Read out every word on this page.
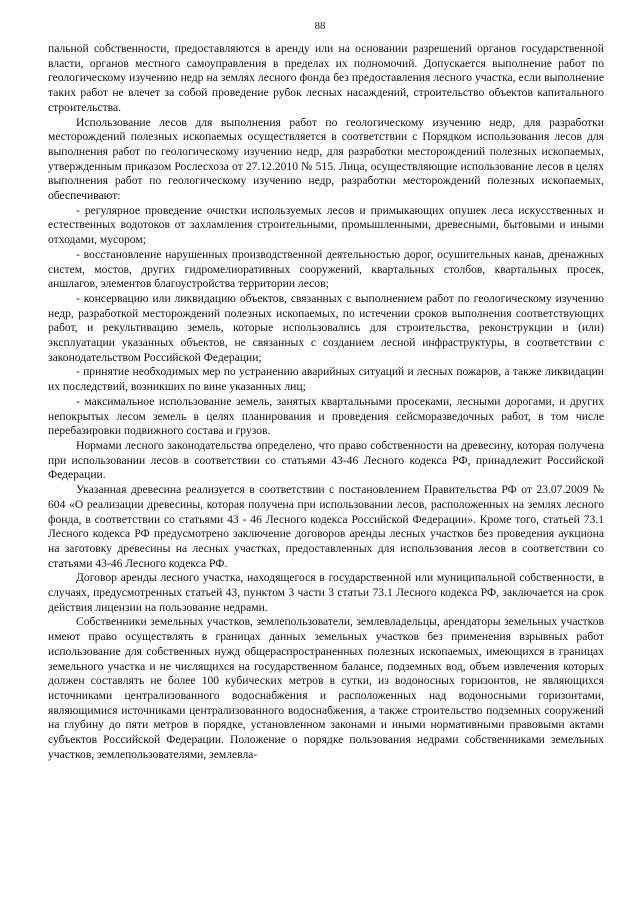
88

пальной собственности, предоставляются в аренду или на основании разрешений органов государственной власти, органов местного самоуправления в пределах их полномочий. Допускается выполнение работ по геологическому изучению недр на землях лесного фонда без предоставления лесного участка, если выполнение таких работ не влечет за собой проведение рубок лесных насаждений, строительство объектов капитального строительства.

Использование лесов для выполнения работ по геологическому изучению недр, для разработки месторождений полезных ископаемых осуществляется в соответствии с Порядком использования лесов для выполнения работ по геологическому изучению недр, для разработки месторождений полезных ископаемых, утвержденным приказом Рослесхоза от 27.12.2010 № 515. Лица, осуществляющие использование лесов в целях выполнения работ по геологическому изучению недр, разработки месторождений полезных ископаемых, обеспечивают:

- регулярное проведение очистки используемых лесов и примыкающих опушек леса искусственных и естественных водотоков от захламления строительными, промышленными, древесными, бытовыми и иными отходами, мусором;

- восстановление нарушенных производственной деятельностью дорог, осушительных канав, дренажных систем, мостов, других гидромелиоративных сооружений, квартальных столбов, квартальных просек, аншлагов, элементов благоустройства территории лесов;

- консервацию или ликвидацию объектов, связанных с выполнением работ по геологическому изучению недр, разработкой месторождений полезных ископаемых, по истечении сроков выполнения соответствующих работ, и рекультивацию земель, которые использовались для строительства, реконструкции и (или) эксплуатации указанных объектов, не связанных с созданием лесной инфраструктуры, в соответствии с законодательством Российской Федерации;

- принятие необходимых мер по устранению аварийных ситуаций и лесных пожаров, а также ликвидации их последствий, возникших по вине указанных лиц;

- максимальное использование земель, занятых квартальными просеками, лесными дорогами, и других непокрытых лесом земель в целях планирования и проведения сейсморазведочных работ, в том числе перебазировки подвижного состава и грузов.

Нормами лесного законодательства определено, что право собственности на древесину, которая получена при использовании лесов в соответствии со статьями 43-46 Лесного кодекса РФ, принадлежит Российской Федерации.

Указанная древесина реализуется в соответствии с постановлением Правительства РФ от 23.07.2009 № 604 «О реализации древесины, которая получена при использовании лесов, расположенных на землях лесного фонда, в соответствии со статьями 43 - 46 Лесного кодекса Российской Федерации». Кроме того, статьей 73.1 Лесного кодекса РФ предусмотрено заключение договоров аренды лесных участков без проведения аукциона на заготовку древесины на лесных участках, предоставленных для использования лесов в соответствии со статьями 43-46 Лесного кодекса РФ.

Договор аренды лесного участка, находящегося в государственной или муниципальной собственности, в случаях, предусмотренных статьей 43, пунктом 3 части 3 статьи 73.1 Лесного кодекса РФ, заключается на срок действия лицензии на пользование недрами.

Собственники земельных участков, землепользователи, землевладельцы, арендаторы земельных участков имеют право осуществлять в границах данных земельных участков без применения взрывных работ использование для собственных нужд общераспространенных полезных ископаемых, имеющихся в границах земельного участка и не числящихся на государственном балансе, подземных вод, объем извлечения которых должен составлять не более 100 кубических метров в сутки, из водоносных горизонтов, не являющихся источниками централизованного водоснабжения и расположенных над водоносными горизонтами, являющимися источниками централизованного водоснабжения, а также строительство подземных сооружений на глубину до пяти метров в порядке, установленном законами и иными нормативными правовыми актами субъектов Российской Федерации. Положение о порядке пользования недрами собственниками земельных участков, землепользователями, землевла-
